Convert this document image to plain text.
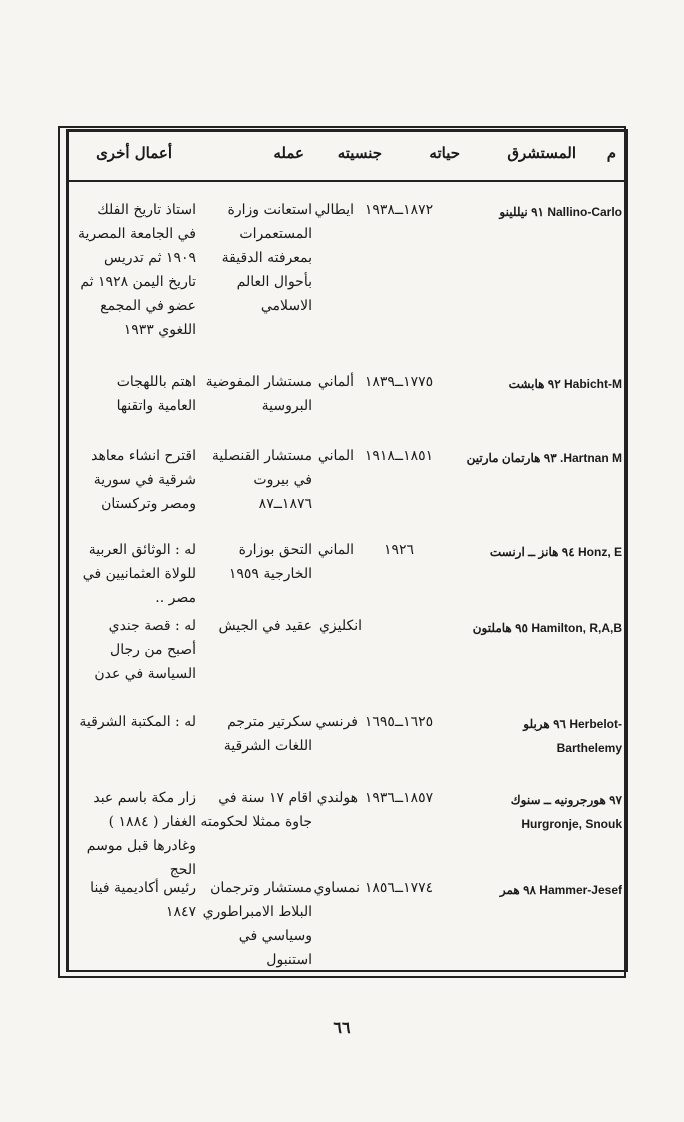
م
المستشرق
حياته
جنسيته
عمله
أعمال أخرى
٩١ نيللينو Nallino-Carlo
١٨٧٢ــ١٩٣٨
ايطالي
استعانت وزارة المستعمرات بمعرفته الدقيقة بأحوال العالم الاسلامي
استاذ تاريخ الفلك في الجامعة المصرية ١٩٠٩ ثم تدريس تاريخ اليمن ١٩٢٨ ثم عضو في المجمع اللغوي ١٩٣٣
٩٢ هابشت Habicht-M
١٧٧٥ــ١٨٣٩
ألماني
مستشار المفوضية البروسية
اهتم باللهجات العامية واتقنها
٩٣ هارتمان مارتين .Hartnan M
١٨٥١ــ١٩١٨
الماني
مستشار القنصلية في بيروت ١٨٧٦ــ٨٧
اقترح انشاء معاهد شرقية في سورية ومصر وتركستان
٩٤ هانز ــ ارنست Honz, E
١٩٢٦
الماني
التحق بوزارة الخارجية ١٩٥٩
له : الوثائق العربية للولاة العثمانيين في مصر ..
٩٥ هاملتون Hamilton, R,A,B
انكليزي
عقيد في الجيش
له : قصة جندي أصبح من رجال السياسة في عدن
٩٦ هربلو Herbelot- Barthelemy
١٦٢٥ــ١٦٩٥
فرنسي
سكرتير مترجم اللغات الشرقية
له : المكتبة الشرقية
٩٧ هورجرونيه ــ سنوك Hurgronje, Snouk
١٨٥٧ــ١٩٣٦
هولندي
اقام ١٧ سنة في جاوة ممثلا لحكومته
زار مكة باسم عبد الغفار ( ١٨٨٤ ) وغادرها قبل موسم الحج
٩٨ همر Hammer-Jesef
١٧٧٤ــ١٨٥٦
نمساوي
مستشار وترجمان البلاط الامبراطوري وسياسي في استنبول
رئيس أكاديمية فينا ١٨٤٧
٦٦
